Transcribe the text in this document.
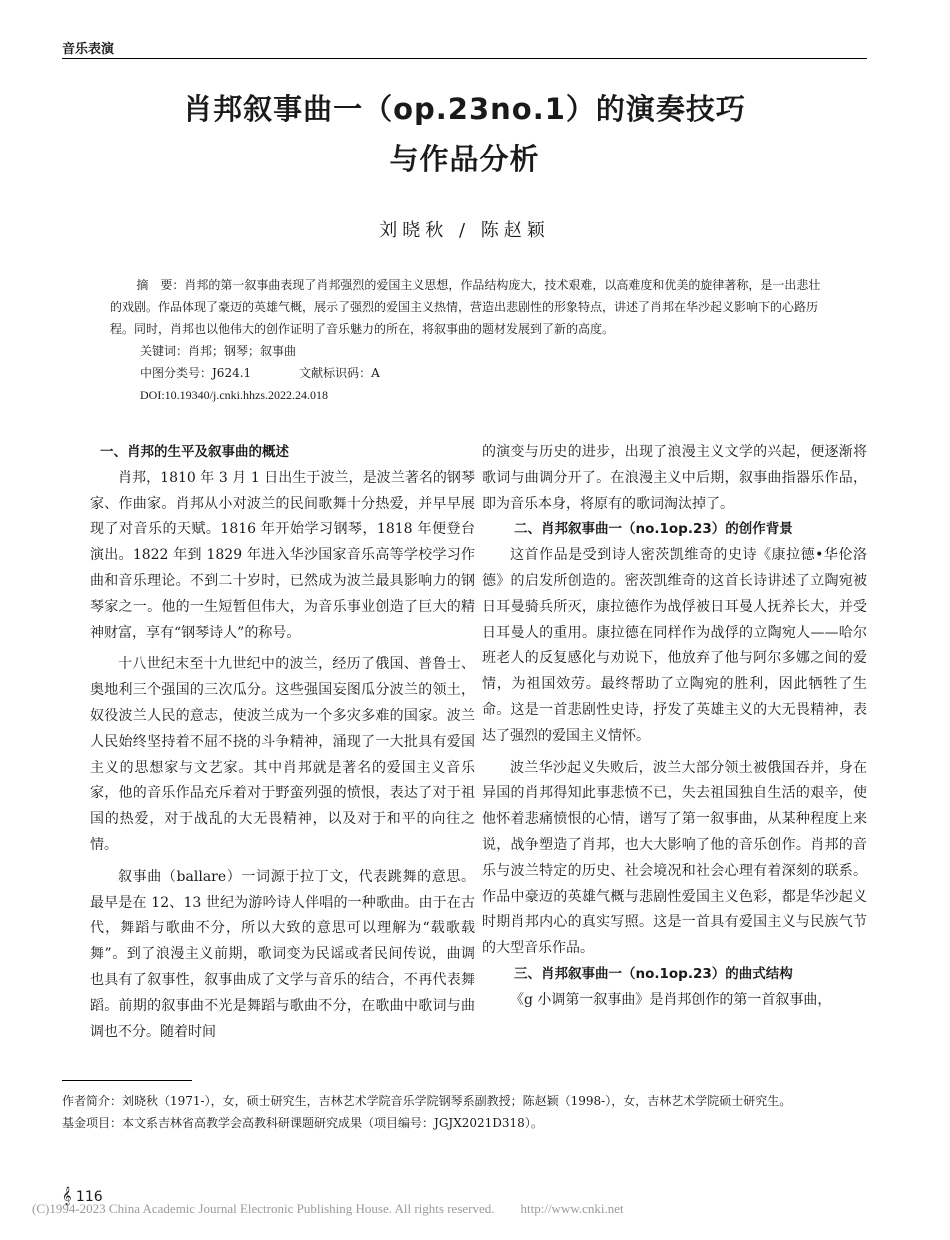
音乐表演
肖邦叙事曲一（op.23no.1）的演奏技巧
与作品分析
刘晓秋 / 陈赵颖

摘　要：肖邦的第一叙事曲表现了肖邦强烈的爱国主义思想，作品结构庞大，技术艰难，以高难度和优美的旋律著称，是一出悲壮的戏剧。作品体现了豪迈的英雄气概，展示了强烈的爱国主义热情，营造出悲剧性的形象特点，讲述了肖邦在华沙起义影响下的心路历程。同时，肖邦也以他伟大的创作证明了音乐魅力的所在，将叙事曲的题材发展到了新的高度。

关键词：肖邦；钢琴；叙事曲

中图分类号：J624.1　　　　文献标识码：A

DOI:10.19340/j.cnki.hhzs.2022.24.018

一、肖邦的生平及叙事曲的概述

肖邦，1810 年 3 月 1 日出生于波兰，是波兰著名的钢琴家、作曲家。肖邦从小对波兰的民间歌舞十分热爱，并早早展现了对音乐的天赋。1816 年开始学习钢琴，1818 年便登台演出。1822 年到 1829 年进入华沙国家音乐高等学校学习作曲和音乐理论。不到二十岁时，已然成为波兰最具影响力的钢琴家之一。他的一生短暂但伟大，为音乐事业创造了巨大的精神财富，享有“钢琴诗人”的称号。

十八世纪末至十九世纪中的波兰，经历了俄国、普鲁士、奥地利三个强国的三次瓜分。这些强国妄图瓜分波兰的领土，奴役波兰人民的意志，使波兰成为一个多灾多难的国家。波兰人民始终坚持着不屈不挠的斗争精神，涌现了一大批具有爱国主义的思想家与文艺家。其中肖邦就是著名的爱国主义音乐家，他的音乐作品充斥着对于野蛮列强的愤恨，表达了对于祖国的热爱，对于战乱的大无畏精神，以及对于和平的向往之情。

叙事曲（ballare）一词源于拉丁文，代表跳舞的意思。最早是在 12、13 世纪为游吟诗人伴唱的一种歌曲。由于在古代，舞蹈与歌曲不分，所以大致的意思可以理解为“载歌载舞”。到了浪漫主义前期，歌词变为民谣或者民间传说，曲调也具有了叙事性，叙事曲成了文学与音乐的结合，不再代表舞蹈。前期的叙事曲不光是舞蹈与歌曲不分，在歌曲中歌词与曲调也不分。随着时间

的演变与历史的进步，出现了浪漫主义文学的兴起，便逐渐将歌词与曲调分开了。在浪漫主义中后期，叙事曲指器乐作品，即为音乐本身，将原有的歌词淘汰掉了。

二、肖邦叙事曲一（no.1op.23）的创作背景

这首作品是受到诗人密茨凯维奇的史诗《康拉德•华伦洛德》的启发所创造的。密茨凯维奇的这首长诗讲述了立陶宛被日耳曼骑兵所灭，康拉德作为战俘被日耳曼人抚养长大，并受日耳曼人的重用。康拉德在同样作为战俘的立陶宛人——哈尔班老人的反复感化与劝说下，他放弃了他与阿尔多娜之间的爱情，为祖国效劳。最终帮助了立陶宛的胜利，因此牺牲了生命。这是一首悲剧性史诗，抒发了英雄主义的大无畏精神，表达了强烈的爱国主义情怀。

波兰华沙起义失败后，波兰大部分领土被俄国吞并，身在异国的肖邦得知此事悲愤不已，失去祖国独自生活的艰辛，使他怀着悲痛愤恨的心情，谱写了第一叙事曲，从某种程度上来说，战争塑造了肖邦，也大大影响了他的音乐创作。肖邦的音乐与波兰特定的历史、社会境况和社会心理有着深刻的联系。作品中豪迈的英雄气概与悲剧性爱国主义色彩，都是华沙起义时期肖邦内心的真实写照。这是一首具有爱国主义与民族气节的大型音乐作品。

三、肖邦叙事曲一（no.1op.23）的曲式结构

《g 小调第一叙事曲》是肖邦创作的第一首叙事曲，

作者简介：刘晓秋（1971-），女，硕士研究生，吉林艺术学院音乐学院钢琴系副教授；陈赵颖（1998-），女，吉林艺术学院硕士研究生。

基金项目：本文系吉林省高教学会高教科研课题研究成果（项目编号：JGJX2021D318）。

𝄞 116
(C)1994-2023 China Academic Journal Electronic Publishing House. All rights reserved.　　http://www.cnki.net
